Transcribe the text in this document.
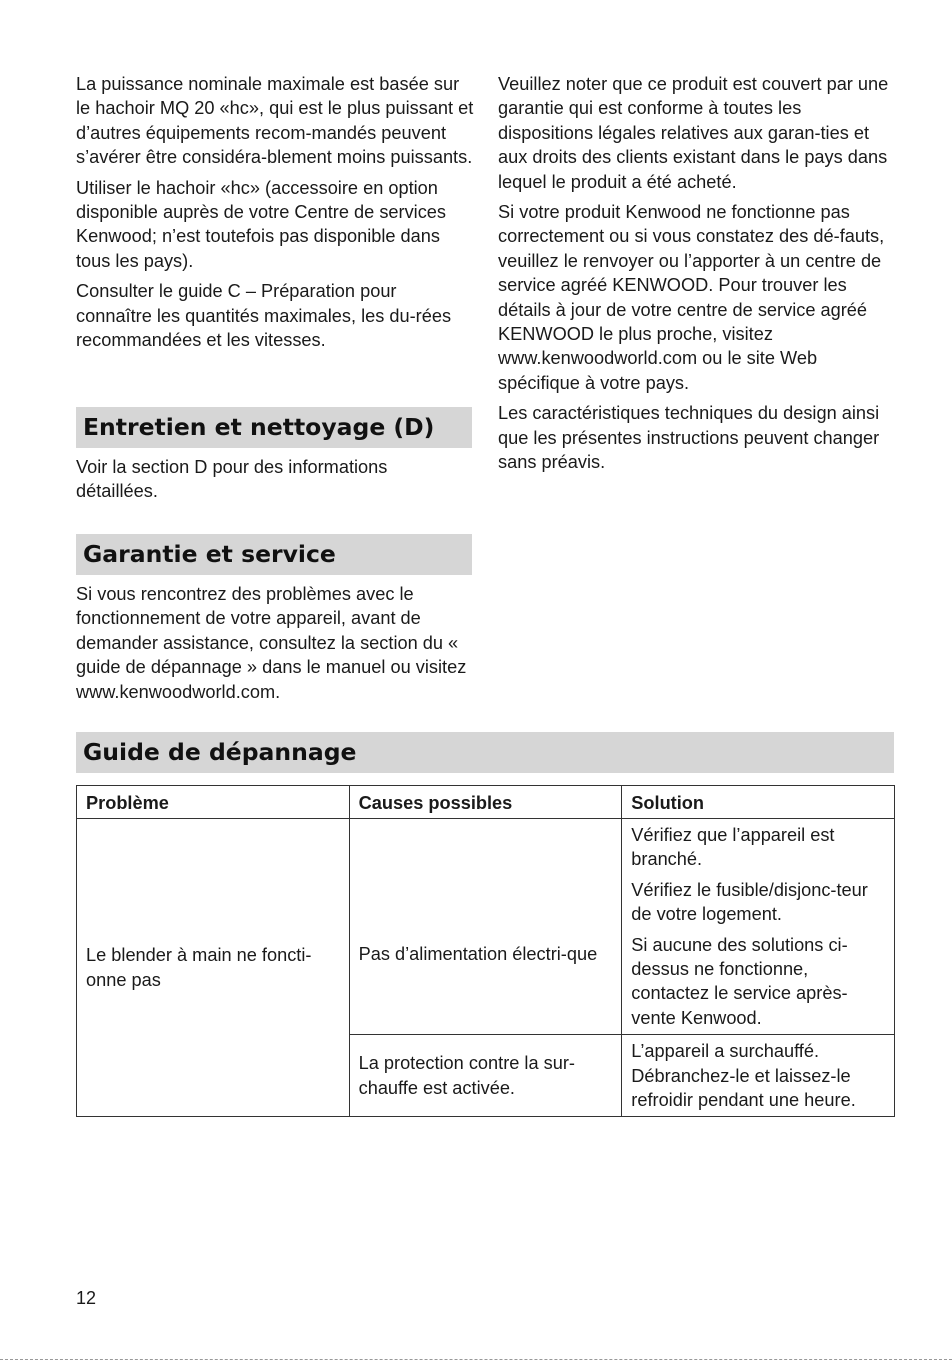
La puissance nominale maximale est basée sur le hachoir MQ 20 «hc», qui est le plus puissant et d’autres équipements recom-mandés peuvent s’avérer être considéra-blement moins puissants.

Utiliser le hachoir «hc» (accessoire en option disponible auprès de votre Centre de services Kenwood; n’est toutefois pas disponible dans tous les pays).

Consulter le guide C – Préparation pour connaître les quantités maximales, les du-rées recommandées et les vitesses.

Entretien et nettoyage (D)

Voir la section D pour des informations détaillées.

Garantie et service

Si vous rencontrez des problèmes avec le fonctionnement de votre appareil, avant de demander assistance, consultez la section du « guide de dépannage » dans le manuel ou visitez www.kenwoodworld.com.

Veuillez noter que ce produit est couvert par une garantie qui est conforme à toutes les dispositions légales relatives aux garan-ties et aux droits des clients existant dans le pays dans lequel le produit a été acheté.

Si votre produit Kenwood ne fonctionne pas correctement ou si vous constatez des dé-fauts, veuillez le renvoyer ou l’apporter à un centre de service agréé KENWOOD. Pour trouver les détails à jour de votre centre de service agréé KENWOOD le plus proche, visitez www.kenwoodworld.com ou le site Web spécifique à votre pays.

Les caractéristiques techniques du design ainsi que les présentes instructions peuvent changer sans préavis.

Guide de dépannage
Problème	Causes possibles	Solution
Le blender à main ne foncti-onne pas	Pas d’alimentation électri-que	Vérifiez que l’appareil est branché.

Vérifiez le fusible/disjonc-teur de votre logement.

Si aucune des solutions ci-dessus ne fonctionne, contactez le service après-vente Kenwood.

	La protection contre la sur-chauffe est activée.	L’appareil a surchauffé. Débranchez-le et laissez-le refroidir pendant une heure.

12
